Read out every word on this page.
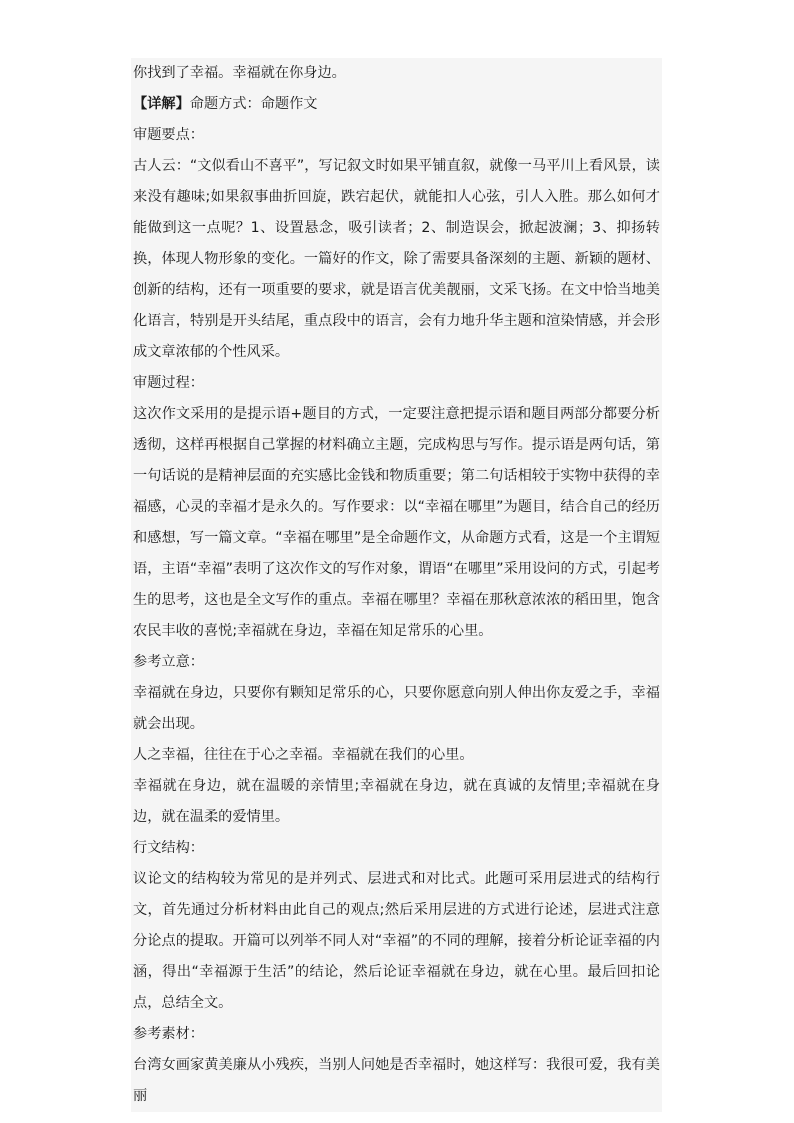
你找到了幸福。幸福就在你身边。

【详解】命题方式：命题作文

审题要点：

古人云：“文似看山不喜平”，写记叙文时如果平铺直叙，就像一马平川上看风景，读来没有趣味;如果叙事曲折回旋，跌宕起伏，就能扣人心弦，引人入胜。那么如何才能做到这一点呢？1、设置悬念，吸引读者；2、制造误会，掀起波澜；3、抑扬转换，体现人物形象的变化。一篇好的作文，除了需要具备深刻的主题、新颖的题材、创新的结构，还有一项重要的要求，就是语言优美靓丽，文采飞扬。在文中恰当地美化语言，特别是开头结尾，重点段中的语言，会有力地升华主题和渲染情感，并会形成文章浓郁的个性风采。

审题过程：

这次作文采用的是提示语+题目的方式，一定要注意把提示语和题目两部分都要分析透彻，这样再根据自己掌握的材料确立主题，完成构思与写作。提示语是两句话，第一句话说的是精神层面的充实感比金钱和物质重要；第二句话相较于实物中获得的幸福感，心灵的幸福才是永久的。写作要求：以“幸福在哪里”为题目，结合自己的经历和感想，写一篇文章。“幸福在哪里”是全命题作文，从命题方式看，这是一个主谓短语，主语“幸福”表明了这次作文的写作对象，谓语“在哪里”采用设问的方式，引起考生的思考，这也是全文写作的重点。幸福在哪里？幸福在那秋意浓浓的稻田里，饱含农民丰收的喜悦;幸福就在身边，幸福在知足常乐的心里。

参考立意：

幸福就在身边，只要你有颗知足常乐的心，只要你愿意向别人伸出你友爱之手，幸福就会出现。

人之幸福，往往在于心之幸福。幸福就在我们的心里。

幸福就在身边，就在温暖的亲情里;幸福就在身边，就在真诚的友情里;幸福就在身边，就在温柔的爱情里。

行文结构：

议论文的结构较为常见的是并列式、层进式和对比式。此题可采用层进式的结构行文，首先通过分析材料由此自己的观点;然后采用层进的方式进行论述，层进式注意分论点的提取。开篇可以列举不同人对“幸福”的不同的理解，接着分析论证幸福的内涵，得出“幸福源于生活”的结论，然后论证幸福就在身边，就在心里。最后回扣论点，总结全文。

参考素材：

台湾女画家黄美廉从小残疾，当别人问她是否幸福时，她这样写：我很可爱，我有美丽
